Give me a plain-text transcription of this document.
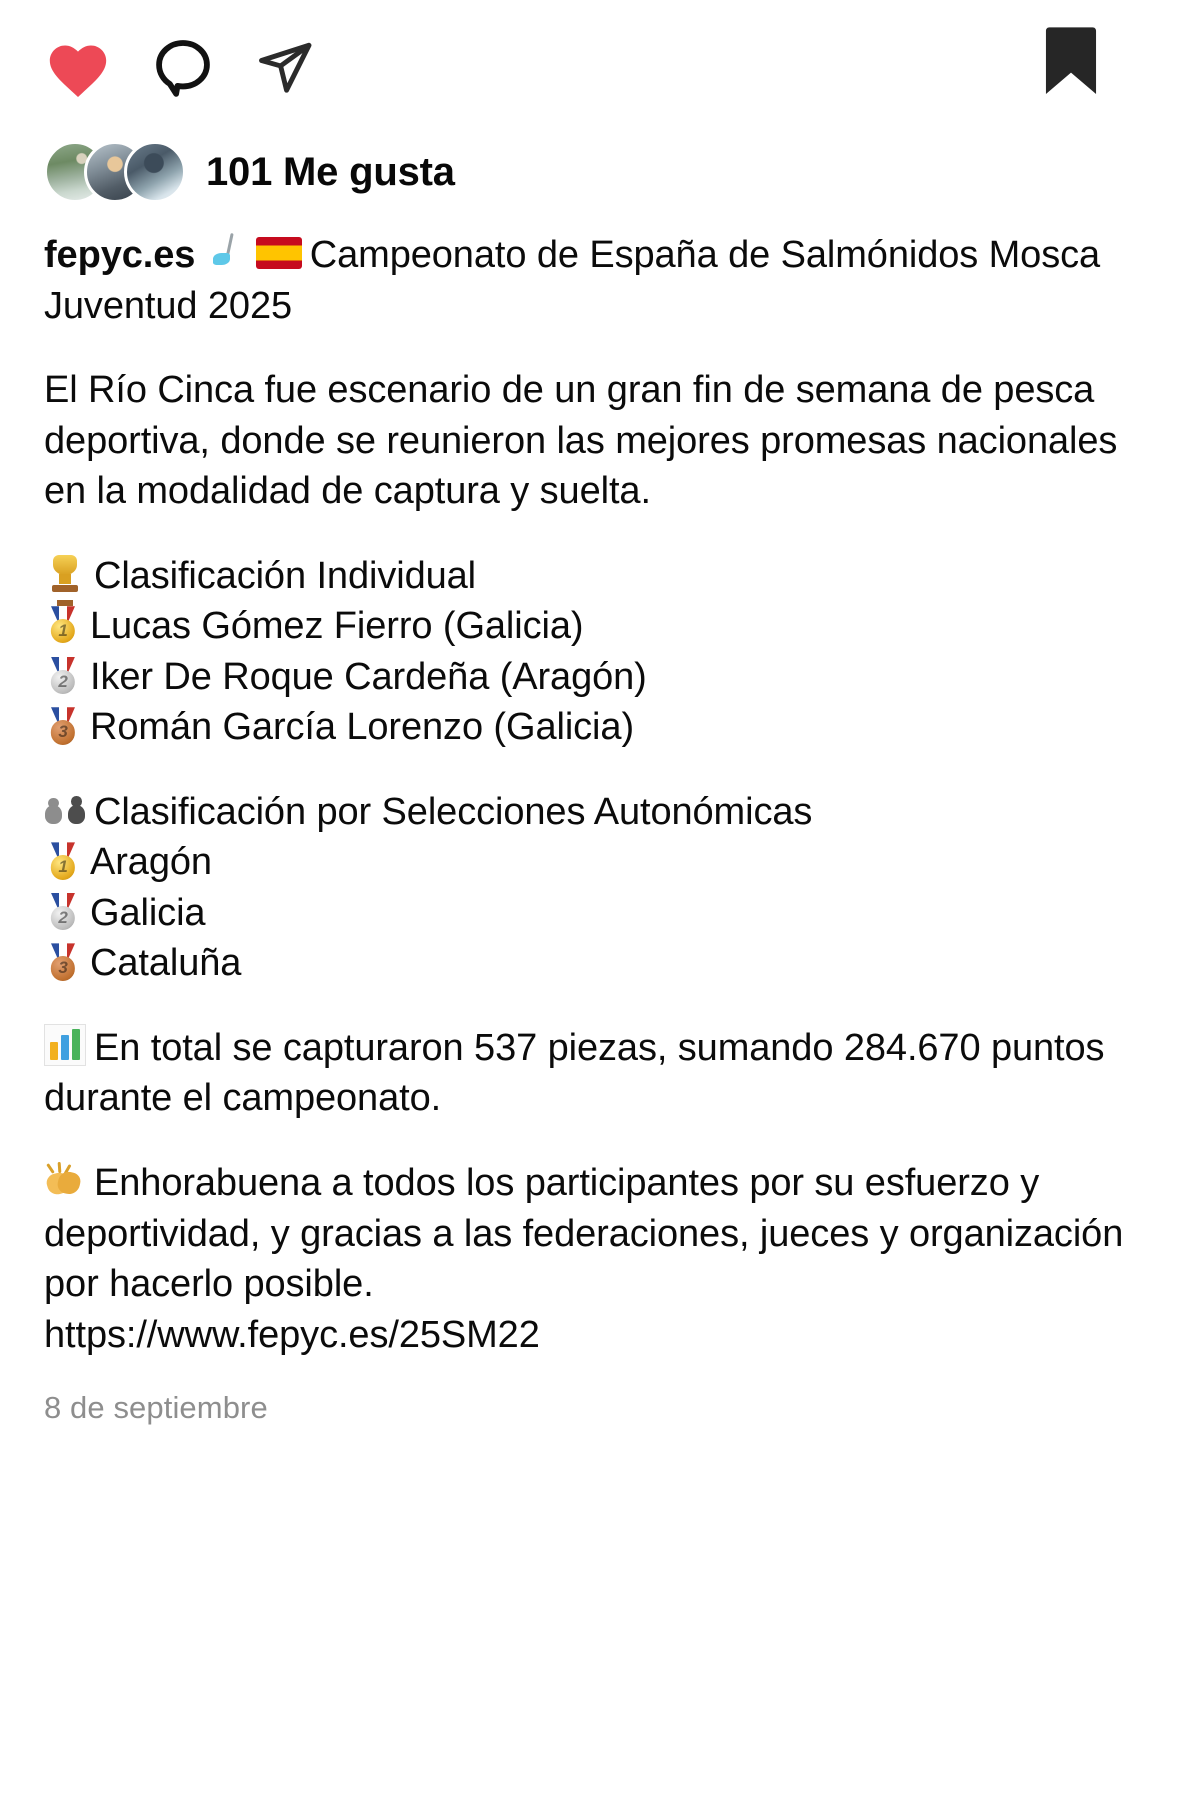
101 Me gusta

fepyc.es	Campeonato de España de Salmónidos Mosca Juventud 2025

El Río Cinca fue escenario de un gran fin de semana de pesca deportiva, donde se reunieron las mejores promesas nacionales en la modalidad de captura y suelta.

Clasificación Individual
1 Lucas Gómez Fierro (Galicia)
2 Iker De Roque Cardeña (Aragón)
3 Román García Lorenzo (Galicia)
Clasificación por Selecciones Autonómicas
1 Aragón
2 Galicia
3 Cataluña

En total se capturaron 537 piezas, sumando 284.670 puntos durante el campeonato.

Enhorabuena a todos los participantes por su esfuerzo y deportividad, y gracias a las federaciones, jueces y organización por hacerlo posible.
https://www.fepyc.es/25SM22

8 de septiembre
